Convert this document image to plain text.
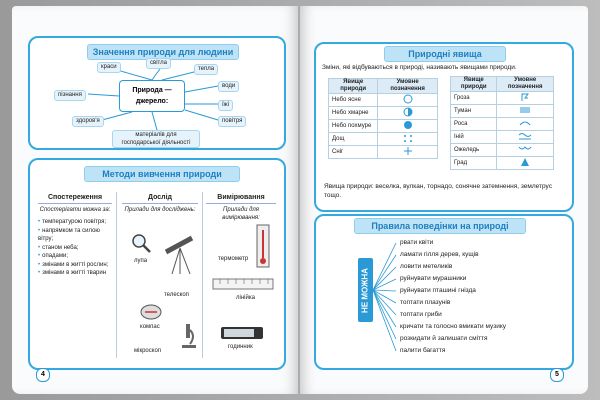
Значення природи для людини
краси
світла
тепла
пізнання
води
їжі
здоров'я	повітря
матеріалів для господарської діяльності
Природа —
джерело:
Методи вивчення природи
Спостереження
Спостерігати можна за:
• температурою повітря;
• напрямком та силою вітру;
• станом неба;
• опадами;
• змінами в житті рослин;
• змінами в житті тварин
Дослід
Прилади для досліджень:
лупа
телескоп
компас
мікроскоп
Вимірювання
Прилади для вимірювання:
термометр
лінійка
годинник
4
Природні явища
Зміни, які відбуваються в природі, називають явищами природи.
Явище природи	Умовне позначення
Небо ясне	
Небо хмарне	
Небо похмуре	
Дощ	
Сніг	
Явище природи	Умовне позначення
Гроза	
Туман	
Роса	
Іній	
Ожеледь	
Град	
Явища природи: веселка, вулкан, торнадо, сонячне затемнення, землетрус тощо.
Правила поведінки на природі
НЕ МОЖНА
рвати квіти
ламати гілля дерев, кущів
ловити метеликів
руйнувати мурашники
руйнувати пташині гнізда
топтати плазунів
топтати гриби
кричати та голосно вмикати музику
розкидати й залишати сміття
палити багаття
5
